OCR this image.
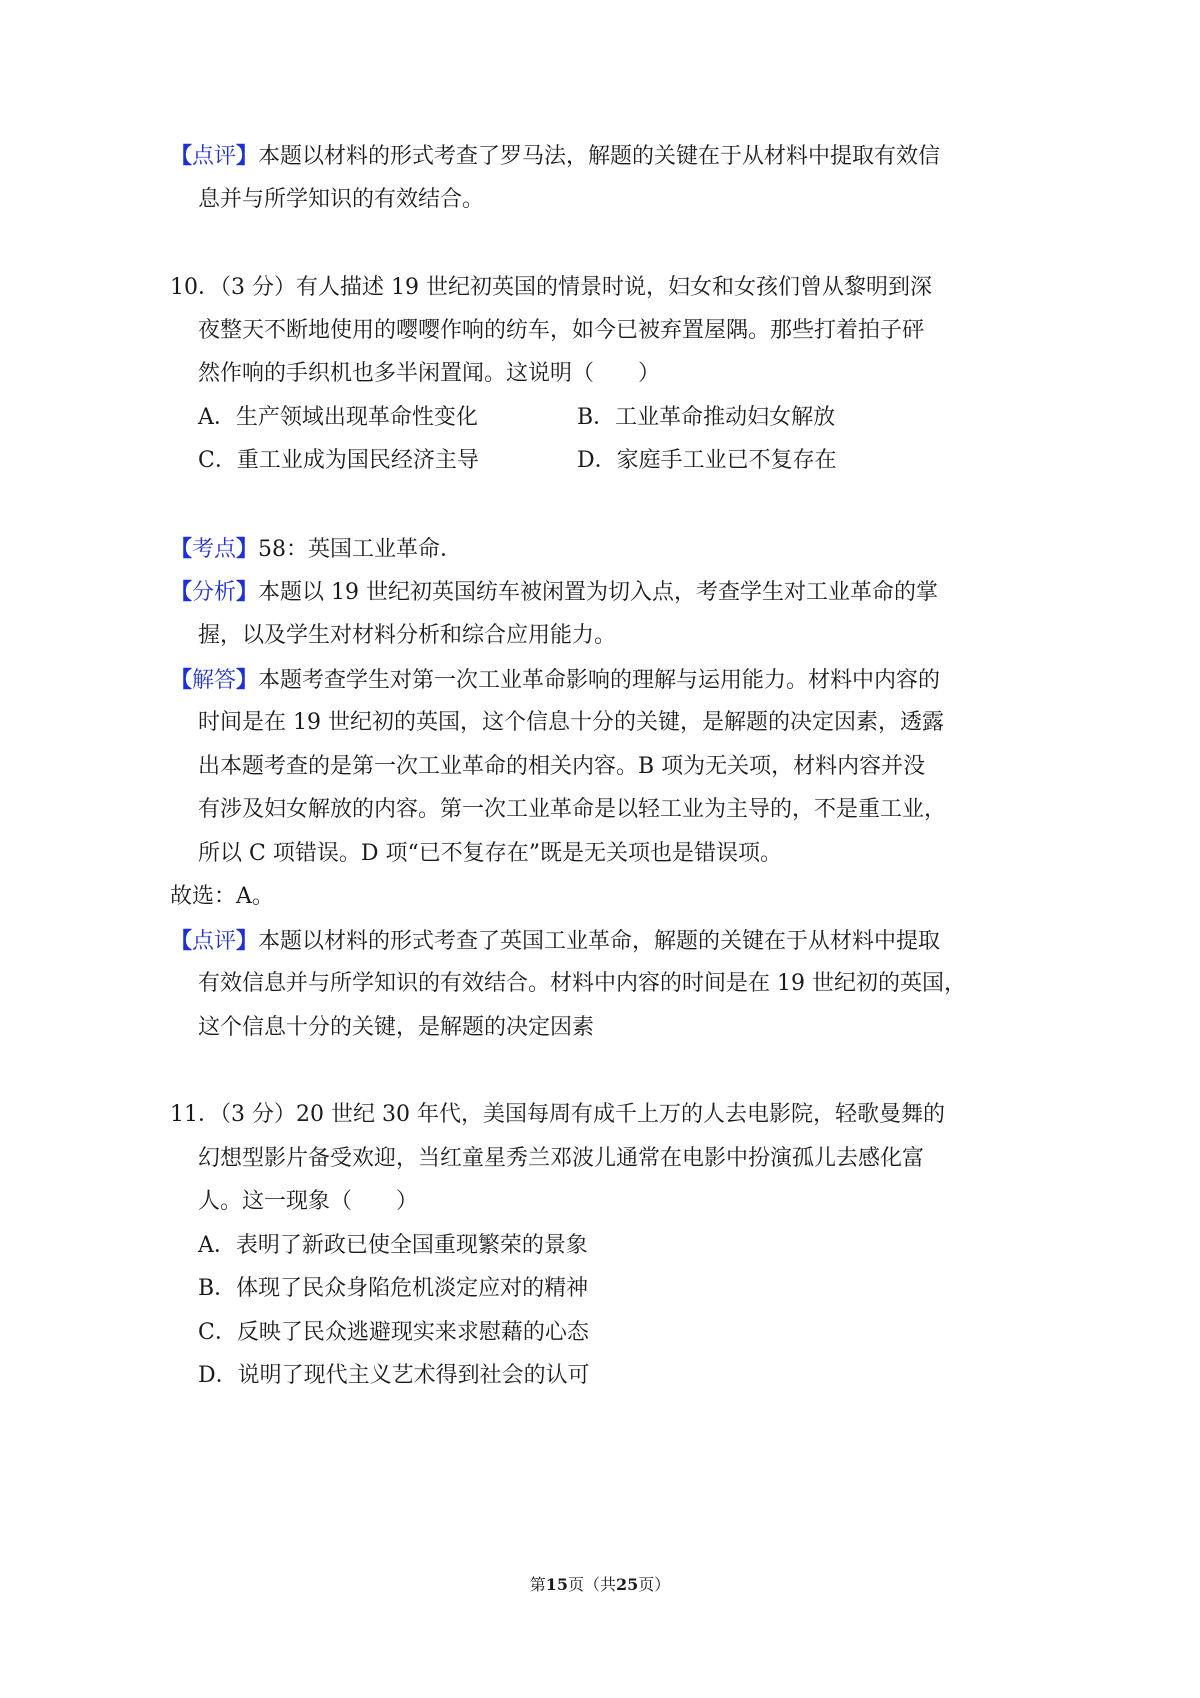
【点评】本题以材料的形式考查了罗马法，解题的关键在于从材料中提取有效信
息并与所学知识的有效结合。
10．（3 分）有人描述 19 世纪初英国的情景时说，妇女和女孩们曾从黎明到深
夜整天不断地使用的嘤嘤作响的纺车，如今已被弃置屋隅。那些打着拍子砰
然作响的手织机也多半闲置闻。这说明（　　）
A．生产领域出现革命性变化	B．工业革命推动妇女解放
C．重工业成为国民经济主导	D．家庭手工业已不复存在
【考点】58：英国工业革命．
【分析】本题以 19 世纪初英国纺车被闲置为切入点，考查学生对工业革命的掌
握，以及学生对材料分析和综合应用能力。
【解答】本题考查学生对第一次工业革命影响的理解与运用能力。材料中内容的
时间是在 19 世纪初的英国，这个信息十分的关键，是解题的决定因素，透露
出本题考查的是第一次工业革命的相关内容。B 项为无关项，材料内容并没
有涉及妇女解放的内容。第一次工业革命是以轻工业为主导的，不是重工业，
所以 C 项错误。D 项“已不复存在”既是无关项也是错误项。
故选：A。
【点评】本题以材料的形式考查了英国工业革命，解题的关键在于从材料中提取
有效信息并与所学知识的有效结合。材料中内容的时间是在 19 世纪初的英国，
这个信息十分的关键，是解题的决定因素
11．（3 分）20 世纪 30 年代，美国每周有成千上万的人去电影院，轻歌曼舞的
幻想型影片备受欢迎，当红童星秀兰邓波儿通常在电影中扮演孤儿去感化富
人。这一现象（　　）
A．表明了新政已使全国重现繁荣的景象
B．体现了民众身陷危机淡定应对的精神
C．反映了民众逃避现实来求慰藉的心态
D．说明了现代主义艺术得到社会的认可
第15页（共25页）
